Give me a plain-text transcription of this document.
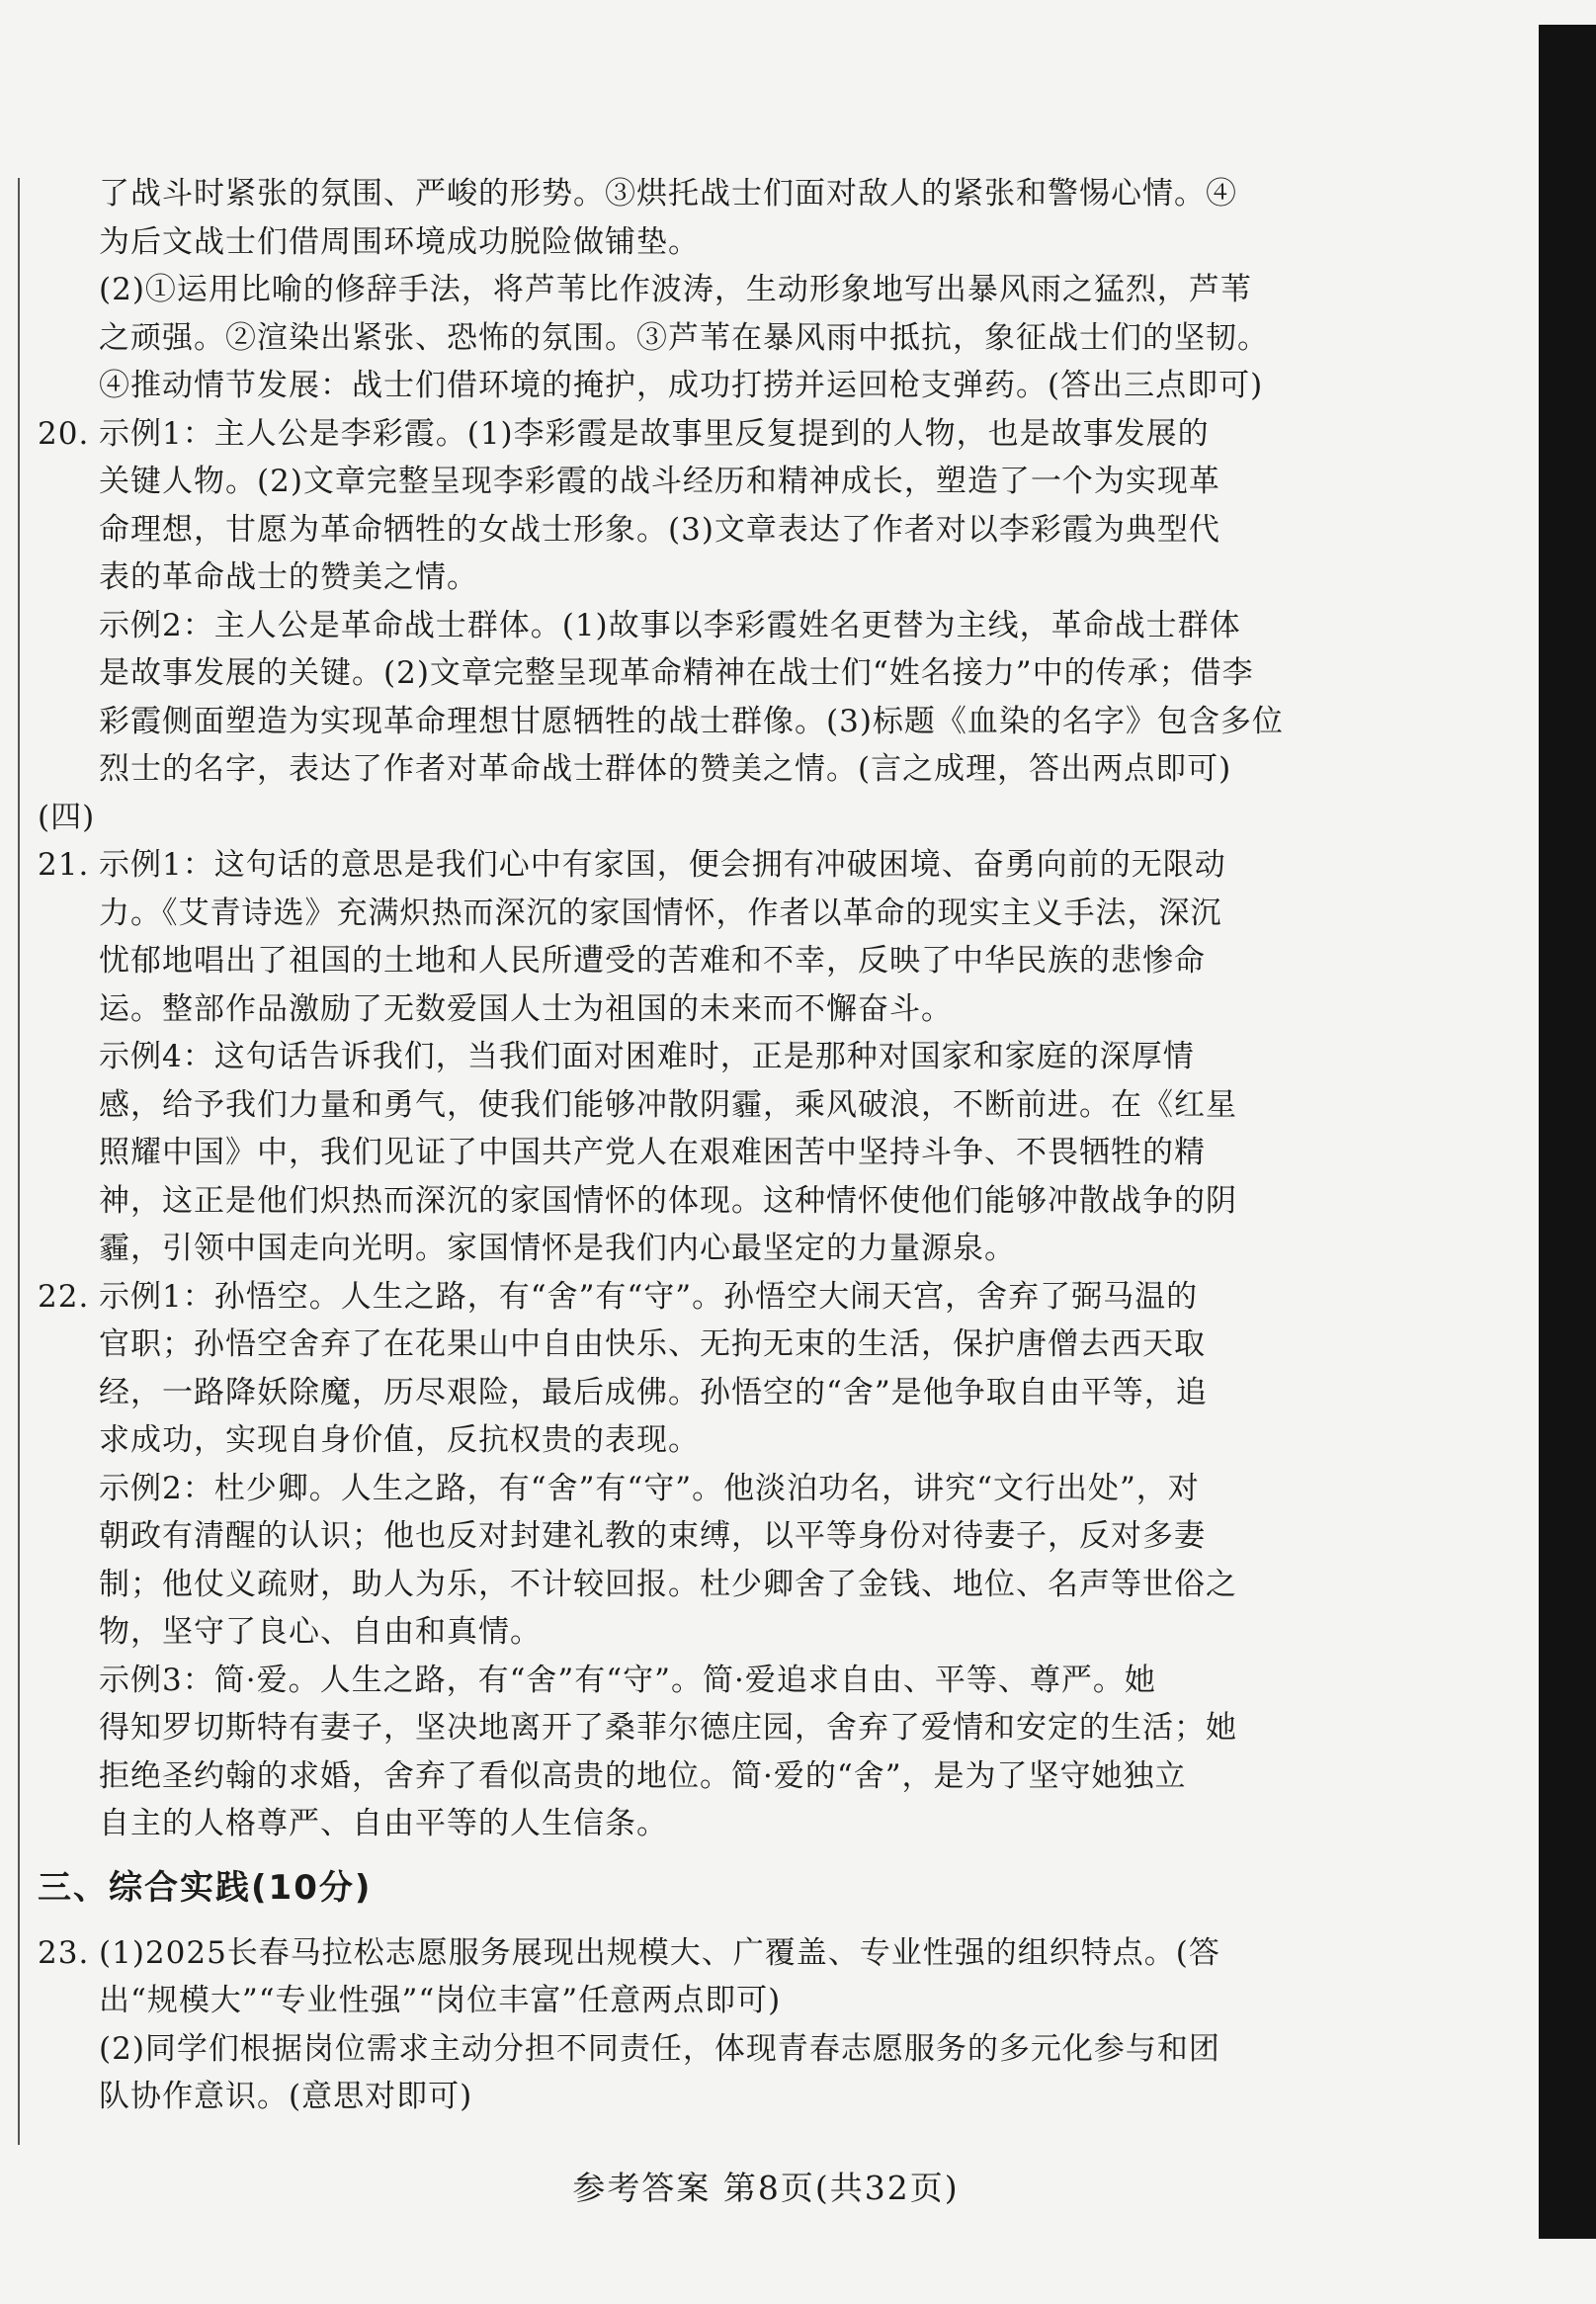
了战斗时紧张的氛围、严峻的形势。③烘托战士们面对敌人的紧张和警惕心情。④
为后文战士们借周围环境成功脱险做铺垫。
(2)①运用比喻的修辞手法，将芦苇比作波涛，生动形象地写出暴风雨之猛烈，芦苇
之顽强。②渲染出紧张、恐怖的氛围。③芦苇在暴风雨中抵抗，象征战士们的坚韧。
④推动情节发展：战士们借环境的掩护，成功打捞并运回枪支弹药。(答出三点即可)
20. 示例1：主人公是李彩霞。(1)李彩霞是故事里反复提到的人物，也是故事发展的
关键人物。(2)文章完整呈现李彩霞的战斗经历和精神成长，塑造了一个为实现革
命理想，甘愿为革命牺牲的女战士形象。(3)文章表达了作者对以李彩霞为典型代
表的革命战士的赞美之情。
示例2：主人公是革命战士群体。(1)故事以李彩霞姓名更替为主线，革命战士群体
是故事发展的关键。(2)文章完整呈现革命精神在战士们“姓名接力”中的传承；借李
彩霞侧面塑造为实现革命理想甘愿牺牲的战士群像。(3)标题《血染的名字》包含多位
烈士的名字，表达了作者对革命战士群体的赞美之情。(言之成理，答出两点即可)
(四)
21. 示例1：这句话的意思是我们心中有家国，便会拥有冲破困境、奋勇向前的无限动
力。《艾青诗选》充满炽热而深沉的家国情怀，作者以革命的现实主义手法，深沉
忧郁地唱出了祖国的土地和人民所遭受的苦难和不幸，反映了中华民族的悲惨命
运。整部作品激励了无数爱国人士为祖国的未来而不懈奋斗。
示例4：这句话告诉我们，当我们面对困难时，正是那种对国家和家庭的深厚情
感，给予我们力量和勇气，使我们能够冲散阴霾，乘风破浪，不断前进。在《红星
照耀中国》中，我们见证了中国共产党人在艰难困苦中坚持斗争、不畏牺牲的精
神，这正是他们炽热而深沉的家国情怀的体现。这种情怀使他们能够冲散战争的阴
霾，引领中国走向光明。家国情怀是我们内心最坚定的力量源泉。
22. 示例1：孙悟空。人生之路，有“舍”有“守”。孙悟空大闹天宫，舍弃了弼马温的
官职；孙悟空舍弃了在花果山中自由快乐、无拘无束的生活，保护唐僧去西天取
经，一路降妖除魔，历尽艰险，最后成佛。孙悟空的“舍”是他争取自由平等，追
求成功，实现自身价值，反抗权贵的表现。
示例2：杜少卿。人生之路，有“舍”有“守”。他淡泊功名，讲究“文行出处”，对
朝政有清醒的认识；他也反对封建礼教的束缚，以平等身份对待妻子，反对多妻
制；他仗义疏财，助人为乐，不计较回报。杜少卿舍了金钱、地位、名声等世俗之
物，坚守了良心、自由和真情。
示例3：简·爱。人生之路，有“舍”有“守”。简·爱追求自由、平等、尊严。她
得知罗切斯特有妻子，坚决地离开了桑菲尔德庄园，舍弃了爱情和安定的生活；她
拒绝圣约翰的求婚，舍弃了看似高贵的地位。简·爱的“舍”，是为了坚守她独立
自主的人格尊严、自由平等的人生信条。
三、综合实践(10分)
23. (1)2025长春马拉松志愿服务展现出规模大、广覆盖、专业性强的组织特点。(答
出“规模大”“专业性强”“岗位丰富”任意两点即可)
(2)同学们根据岗位需求主动分担不同责任，体现青春志愿服务的多元化参与和团
队协作意识。(意思对即可)
参考答案 第8页(共32页)
